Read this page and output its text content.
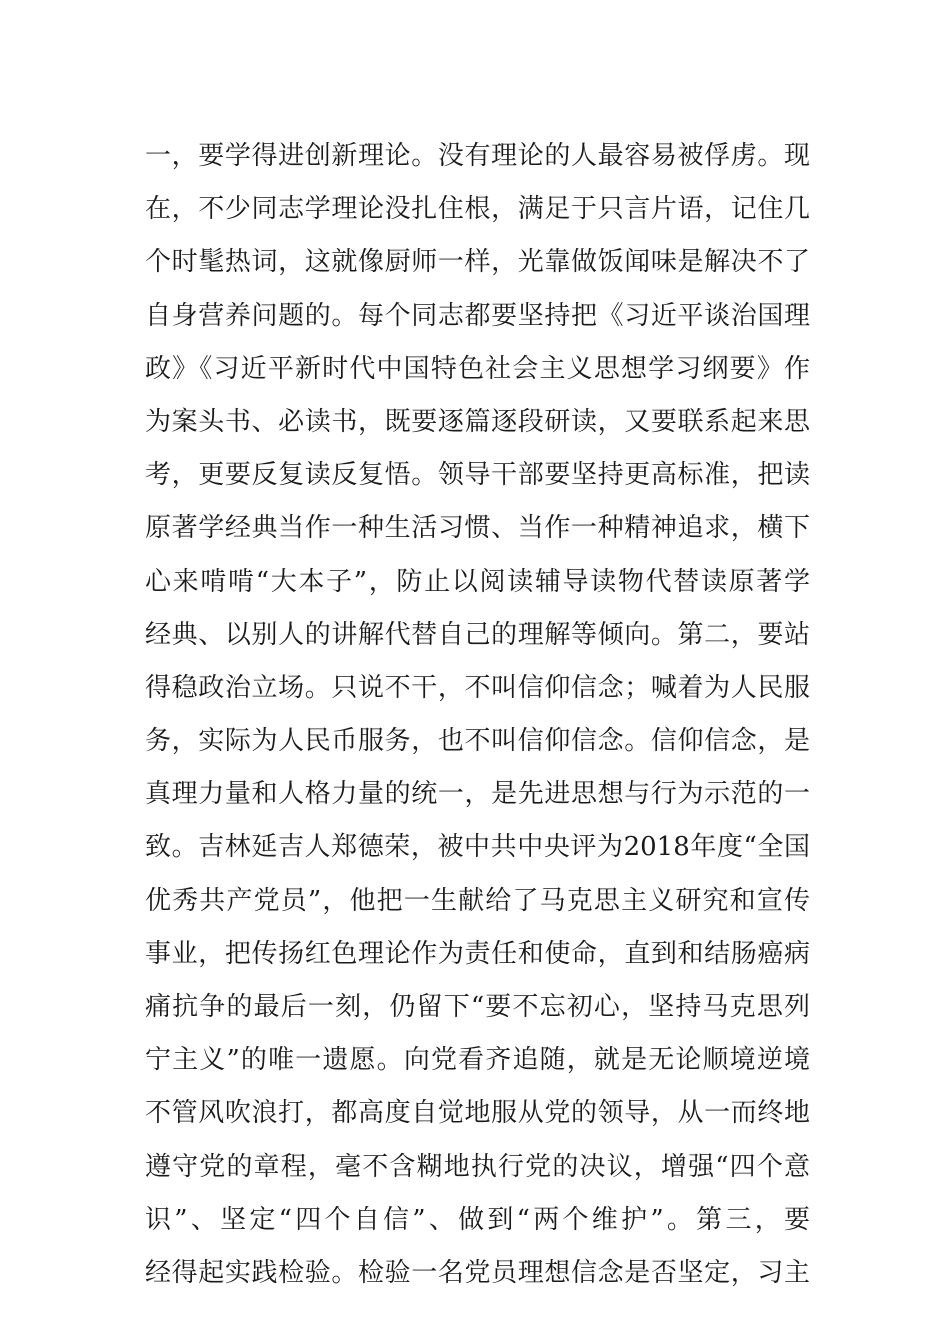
一，要学得进创新理论。没有理论的人最容易被俘虏。现
在，不少同志学理论没扎住根，满足于只言片语，记住几
个时髦热词，这就像厨师一样，光靠做饭闻味是解决不了
自身营养问题的。每个同志都要坚持把《习近平谈治国理
政》《习近平新时代中国特色社会主义思想学习纲要》作
为案头书、必读书，既要逐篇逐段研读，又要联系起来思
考，更要反复读反复悟。领导干部要坚持更高标准，把读
原著学经典当作一种生活习惯、当作一种精神追求，横下
心来啃啃“大本子”，防止以阅读辅导读物代替读原著学
经典、以别人的讲解代替自己的理解等倾向。第二，要站
得稳政治立场。只说不干，不叫信仰信念；喊着为人民服
务，实际为人民币服务，也不叫信仰信念。信仰信念，是
真理力量和人格力量的统一，是先进思想与行为示范的一
致。吉林延吉人郑德荣，被中共中央评为2018年度“全国
优秀共产党员”，他把一生献给了马克思主义研究和宣传
事业，把传扬红色理论作为责任和使命，直到和结肠癌病
痛抗争的最后一刻，仍留下“要不忘初心，坚持马克思列
宁主义”的唯一遗愿。向党看齐追随，就是无论顺境逆境
不管风吹浪打，都高度自觉地服从党的领导，从一而终地
遵守党的章程，毫不含糊地执行党的决议，增强“四个意
识”、坚定“四个自信”、做到“两个维护”。第三，要
经得起实践检验。检验一名党员理想信念是否坚定，习主
